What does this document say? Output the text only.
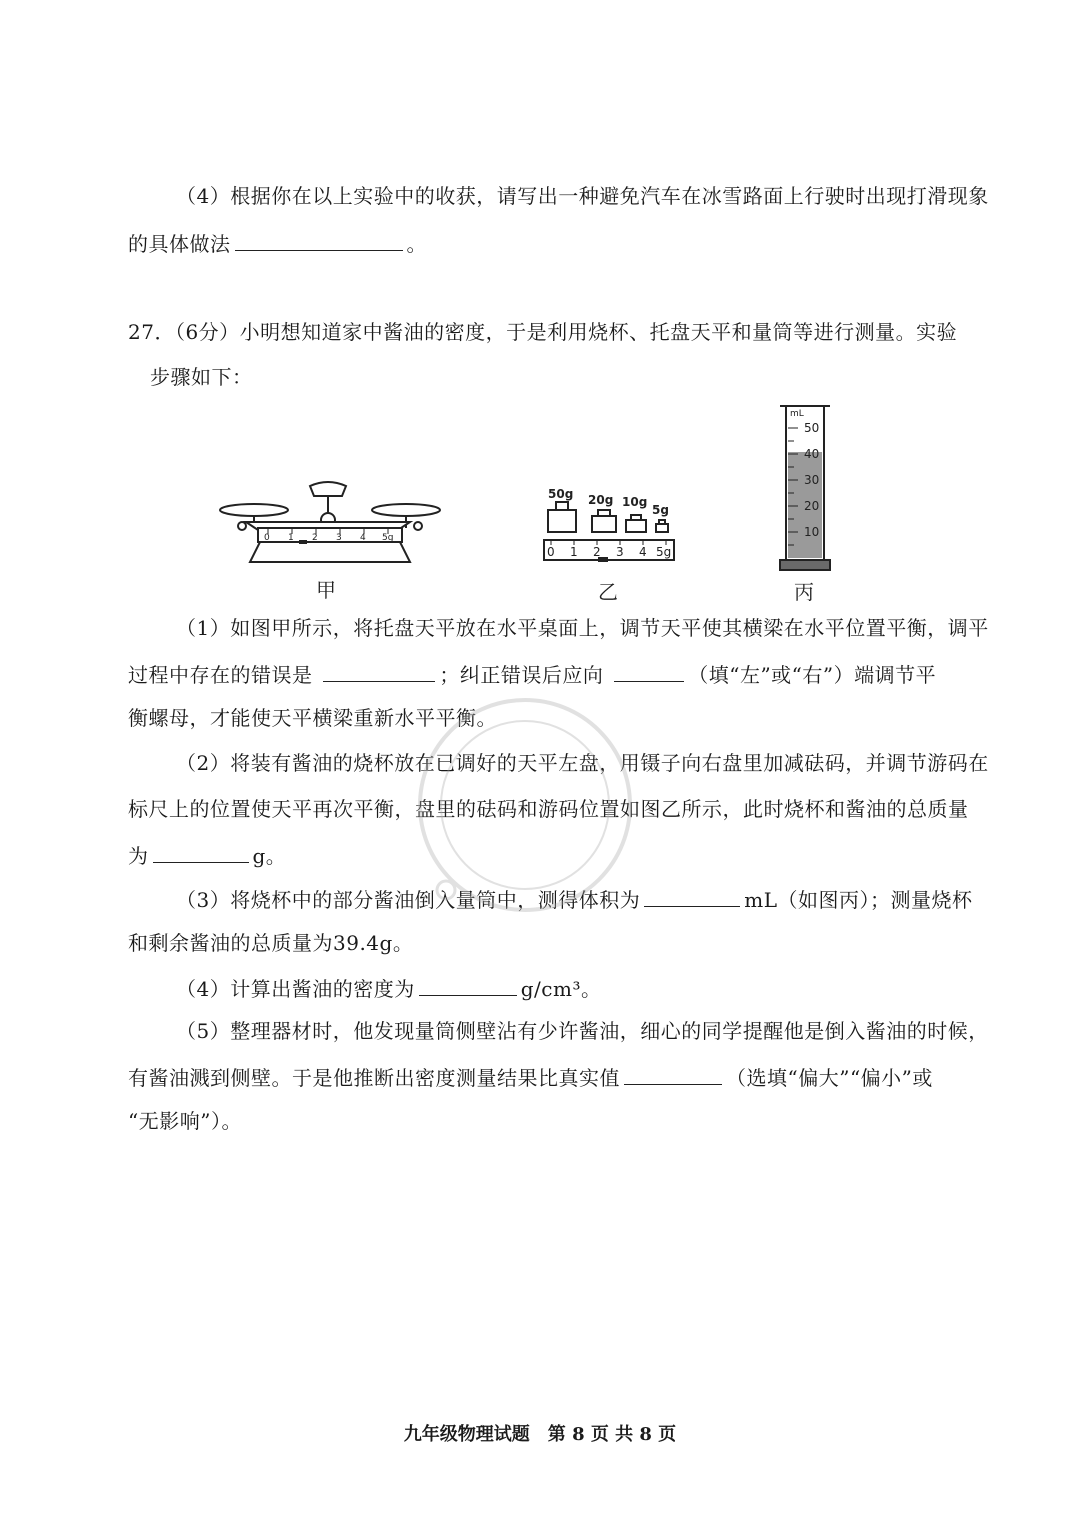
（4）根据你在以上实验中的收获，请写出一种避免汽车在冰雪路面上行驶时出现打滑现象
的具体做法	。
27．（6分）小明想知道家中酱油的密度，于是利用烧杯、托盘天平和量筒等进行测量。实验
步骤如下：
0 1 2 3 4 5g
甲
50g 20g 10g
5g
0 1 2 3 4 5g
乙
mL
50
40
30
20
10
丙
（1）如图甲所示，将托盘天平放在水平桌面上，调节天平使其横梁在水平位置平衡，调平
过程中存在的错误是	；纠正错误后应向	（填“左”或“右”）端调节平
衡螺母，才能使天平横梁重新水平平衡。
（2）将装有酱油的烧杯放在已调好的天平左盘，用镊子向右盘里加减砝码，并调节游码在
标尺上的位置使天平再次平衡，盘里的砝码和游码位置如图乙所示，此时烧杯和酱油的总质量
为	g。
（3）将烧杯中的部分酱油倒入量筒中，测得体积为	mL（如图丙）；测量烧杯
和剩余酱油的总质量为39.4g。
（4）计算出酱油的密度为	g/cm³。
（5）整理器材时，他发现量筒侧壁沾有少许酱油，细心的同学提醒他是倒入酱油的时候，
有酱油溅到侧壁。于是他推断出密度测量结果比真实值	（选填“偏大”“偏小”或
“无影响”）。
九年级物理试题　第 8 页 共 8 页
